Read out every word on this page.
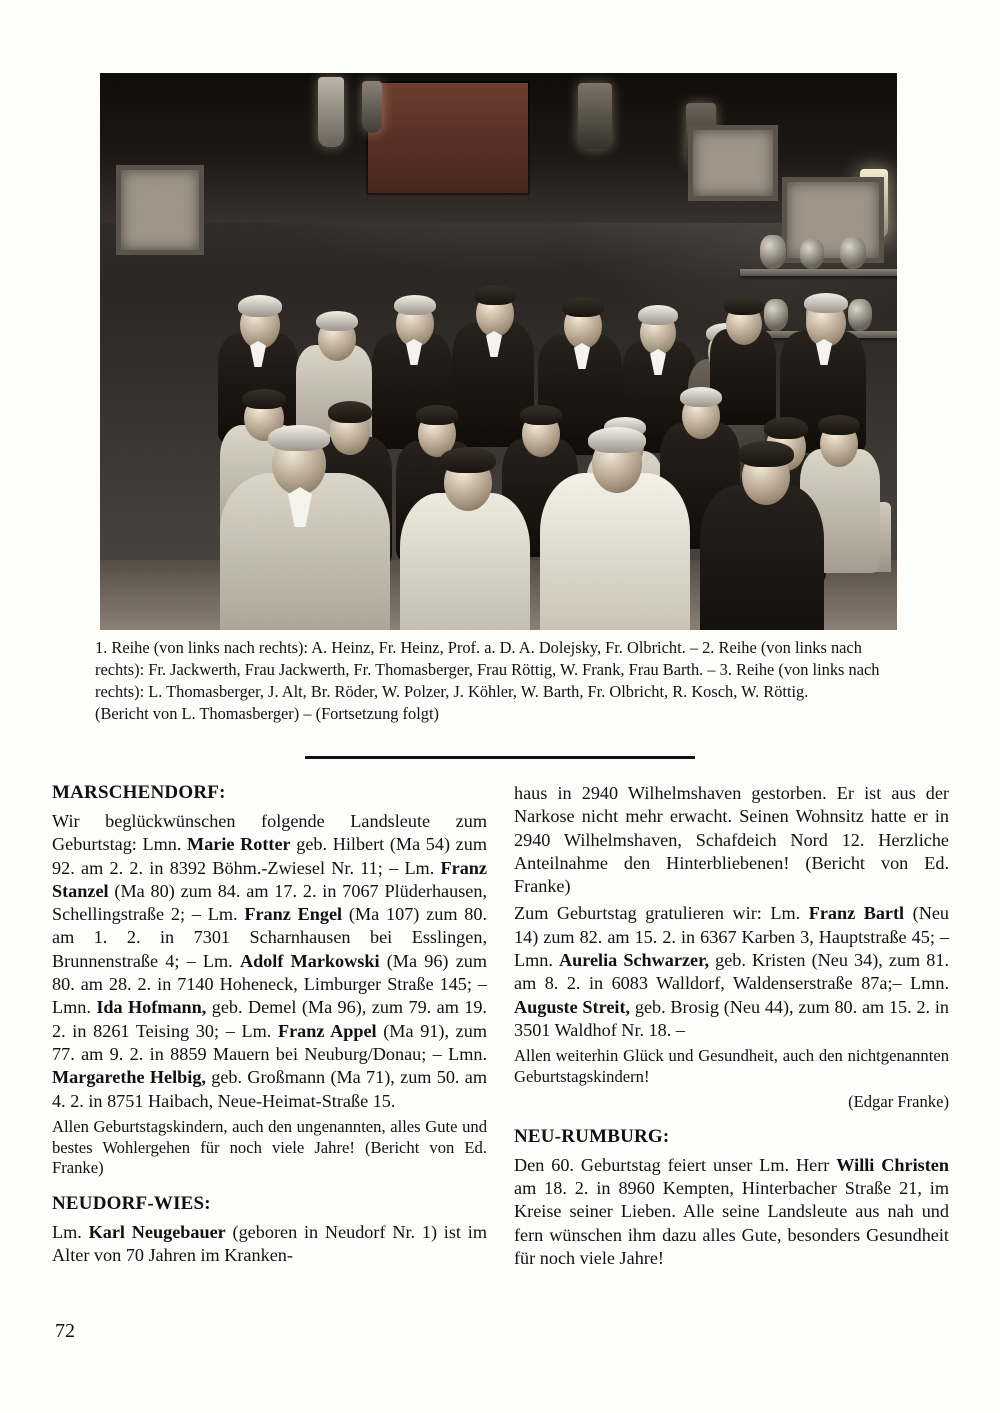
1. Reihe (von links nach rechts): A. Heinz, Fr. Heinz, Prof. a. D. A. Dolejsky, Fr. Olbricht. – 2. Reihe (von links nach rechts): Fr. Jackwerth, Frau Jackwerth, Fr. Thomasberger, Frau Röttig, W. Frank, Frau Barth. – 3. Reihe (von links nach rechts): L. Thomasberger, J. Alt, Br. Röder, W. Polzer, J. Köhler, W. Barth, Fr. Olbricht, R. Kosch, W. Röttig.

(Bericht von L. Thomasberger) – (Fortsetzung folgt)

MARSCHENDORF:

Wir beglückwünschen folgende Landsleute zum Geburtstag: Lmn. Marie Rotter geb. Hilbert (Ma 54) zum 92. am 2. 2. in 8392 Böhm.-Zwiesel Nr. 11; – Lm. Franz Stanzel (Ma 80) zum 84. am 17. 2. in 7067 Plüderhausen, Schellingstraße 2; – Lm. Franz Engel (Ma 107) zum 80. am 1. 2. in 7301 Scharnhausen bei Esslingen, Brunnenstraße 4; – Lm. Adolf Markowski (Ma 96) zum 80. am 28. 2. in 7140 Hoheneck, Limburger Straße 145; – Lmn. Ida Hofmann, geb. Demel (Ma 96), zum 79. am 19. 2. in 8261 Teising 30; – Lm. Franz Appel (Ma 91), zum 77. am 9. 2. in 8859 Mauern bei Neuburg/Donau; – Lmn. Margarethe Helbig, geb. Großmann (Ma 71), zum 50. am 4. 2. in 8751 Haibach, Neue-Heimat-Straße 15.

Allen Geburtstagskindern, auch den ungenannten, alles Gute und bestes Wohlergehen für noch viele Jahre! (Bericht von Ed. Franke)

NEUDORF-WIES:

Lm. Karl Neugebauer (geboren in Neudorf Nr. 1) ist im Alter von 70 Jahren im Kranken-

haus in 2940 Wilhelmshaven gestorben. Er ist aus der Narkose nicht mehr erwacht. Seinen Wohnsitz hatte er in 2940 Wilhelmshaven, Schafdeich Nord 12. Herzliche Anteilnahme den Hinterbliebenen! (Bericht von Ed. Franke)

Zum Geburtstag gratulieren wir: Lm. Franz Bartl (Neu 14) zum 82. am 15. 2. in 6367 Karben 3, Hauptstraße 45; – Lmn. Aurelia Schwarzer, geb. Kristen (Neu 34), zum 81. am 8. 2. in 6083 Walldorf, Waldenserstraße 87a;– Lmn. Auguste Streit, geb. Brosig (Neu 44), zum 80. am 15. 2. in 3501 Waldhof Nr. 18. –

Allen weiterhin Glück und Gesundheit, auch den nichtgenannten Geburtstagskindern!

(Edgar Franke)

NEU-RUMBURG:

Den 60. Geburtstag feiert unser Lm. Herr Willi Christen am 18. 2. in 8960 Kempten, Hinterbacher Straße 21, im Kreise seiner Lieben. Alle seine Landsleute aus nah und fern wünschen ihm dazu alles Gute, besonders Gesundheit für noch viele Jahre!

72
